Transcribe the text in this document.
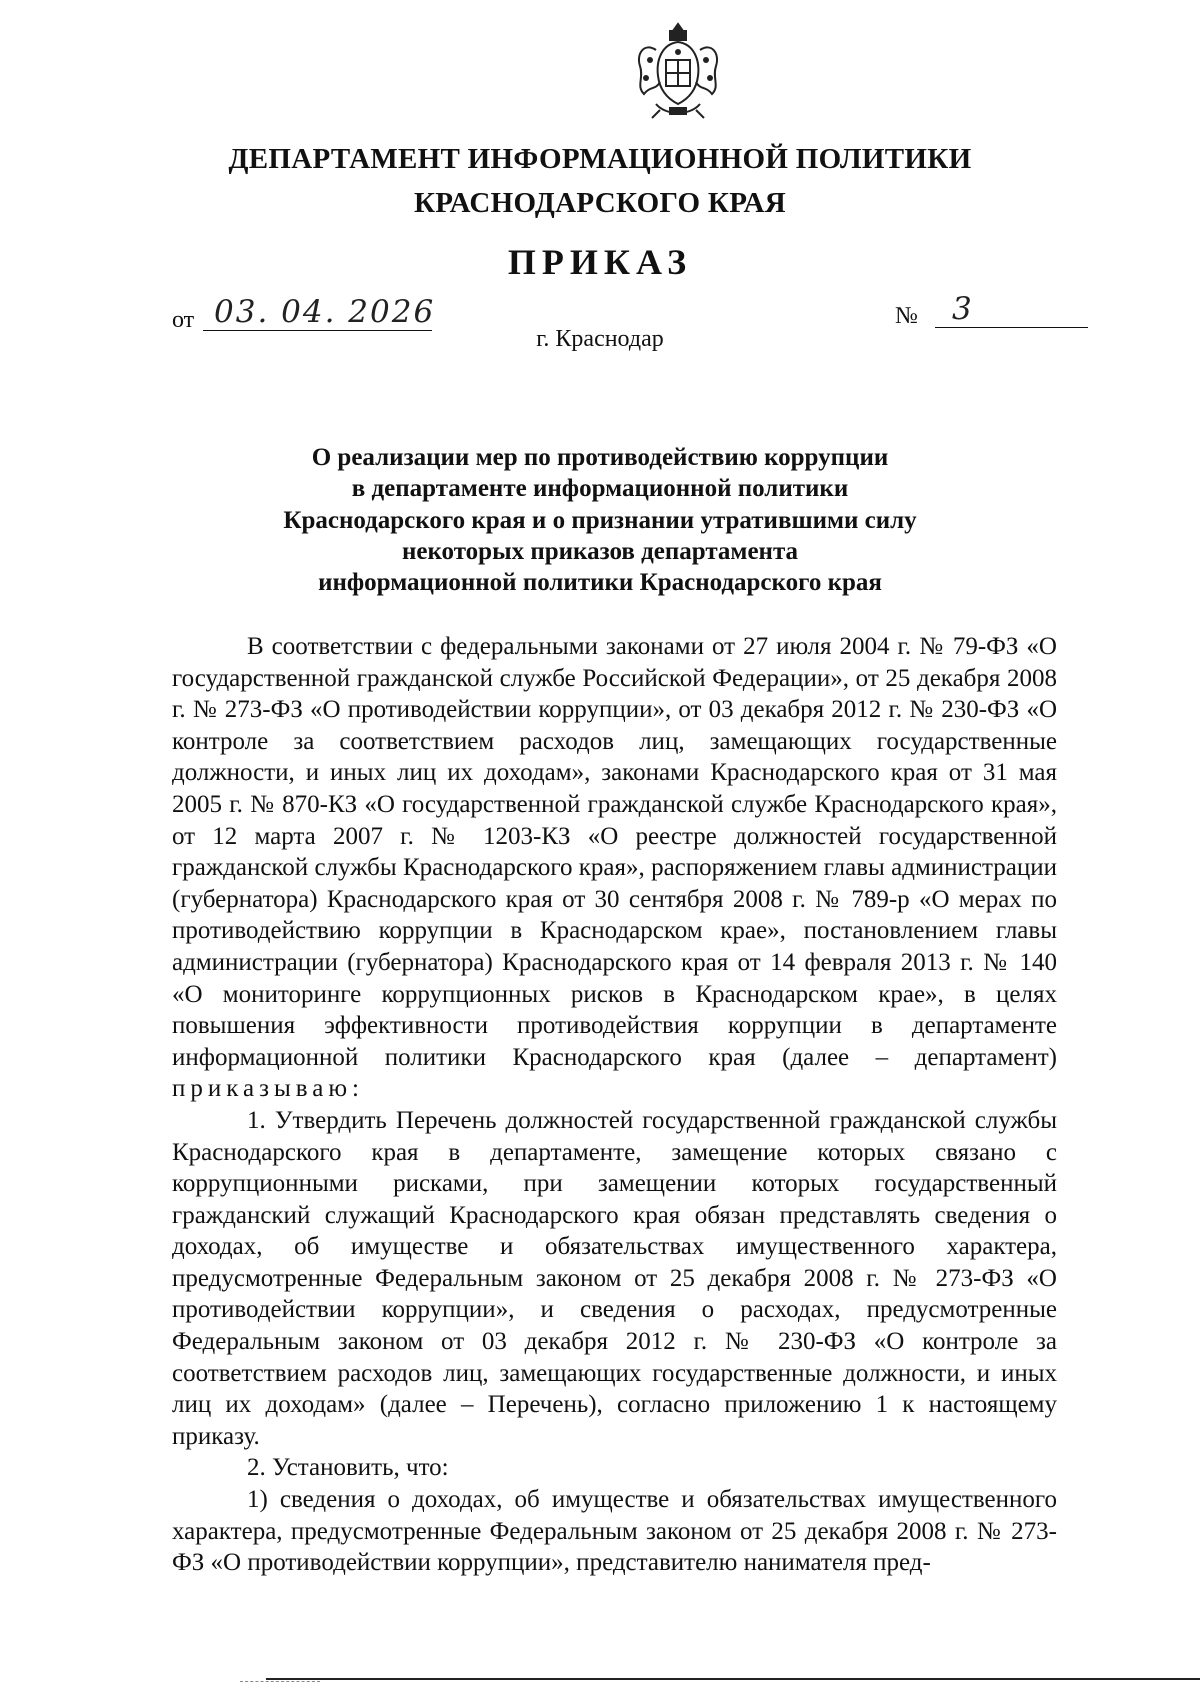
ДЕПАРТАМЕНТ ИНФОРМАЦИОННОЙ ПОЛИТИКИ
КРАСНОДАРСКОГО КРАЯ
ПРИКАЗ
от 03. 04. 2026	№ 3
г. Краснодар
О реализации мер по противодействию коррупции
в департаменте информационной политики
Краснодарского края и о признании утратившими силу
некоторых приказов департамента
информационной политики Краснодарского края

В соответствии с федеральными законами от 27 июля 2004 г. № 79-ФЗ «О государственной гражданской службе Российской Федерации», от 25 декабря 2008 г. № 273-ФЗ «О противодействии коррупции», от 03 декабря 2012 г. № 230-ФЗ «О контроле за соответствием расходов лиц, замещающих государственные должности, и иных лиц их доходам», законами Краснодарского края от 31 мая 2005 г. № 870-КЗ «О государственной гражданской службе Краснодарского края», от 12 марта 2007 г. № 1203-КЗ «О реестре должностей государственной гражданской службы Краснодарского края», распоряжением главы администрации (губернатора) Краснодарского края от 30 сентября 2008 г. № 789-р «О мерах по противодействию коррупции в Краснодарском крае», постановлением главы администрации (губернатора) Краснодарского края от 14 февраля 2013 г. № 140 «О мониторинге коррупционных рисков в Краснодарском крае», в целях повышения эффективности противодействия коррупции в департаменте информационной политики Краснодарского края (далее – департамент) приказываю:

1. Утвердить Перечень должностей государственной гражданской службы Краснодарского края в департаменте, замещение которых связано с коррупционными рисками, при замещении которых государственный гражданский служащий Краснодарского края обязан представлять сведения о доходах, об имуществе и обязательствах имущественного характера, предусмотренные Федеральным законом от 25 декабря 2008 г. № 273-ФЗ «О противодействии коррупции», и сведения о расходах, предусмотренные Федеральным законом от 03 декабря 2012 г. № 230-ФЗ «О контроле за соответствием расходов лиц, замещающих государственные должности, и иных лиц их доходам» (далее – Перечень), согласно приложению 1 к настоящему приказу.

2. Установить, что:

1) сведения о доходах, об имуществе и обязательствах имущественного характера, предусмотренные Федеральным законом от 25 декабря 2008 г. № 273-ФЗ «О противодействии коррупции», представителю нанимателя пред-
